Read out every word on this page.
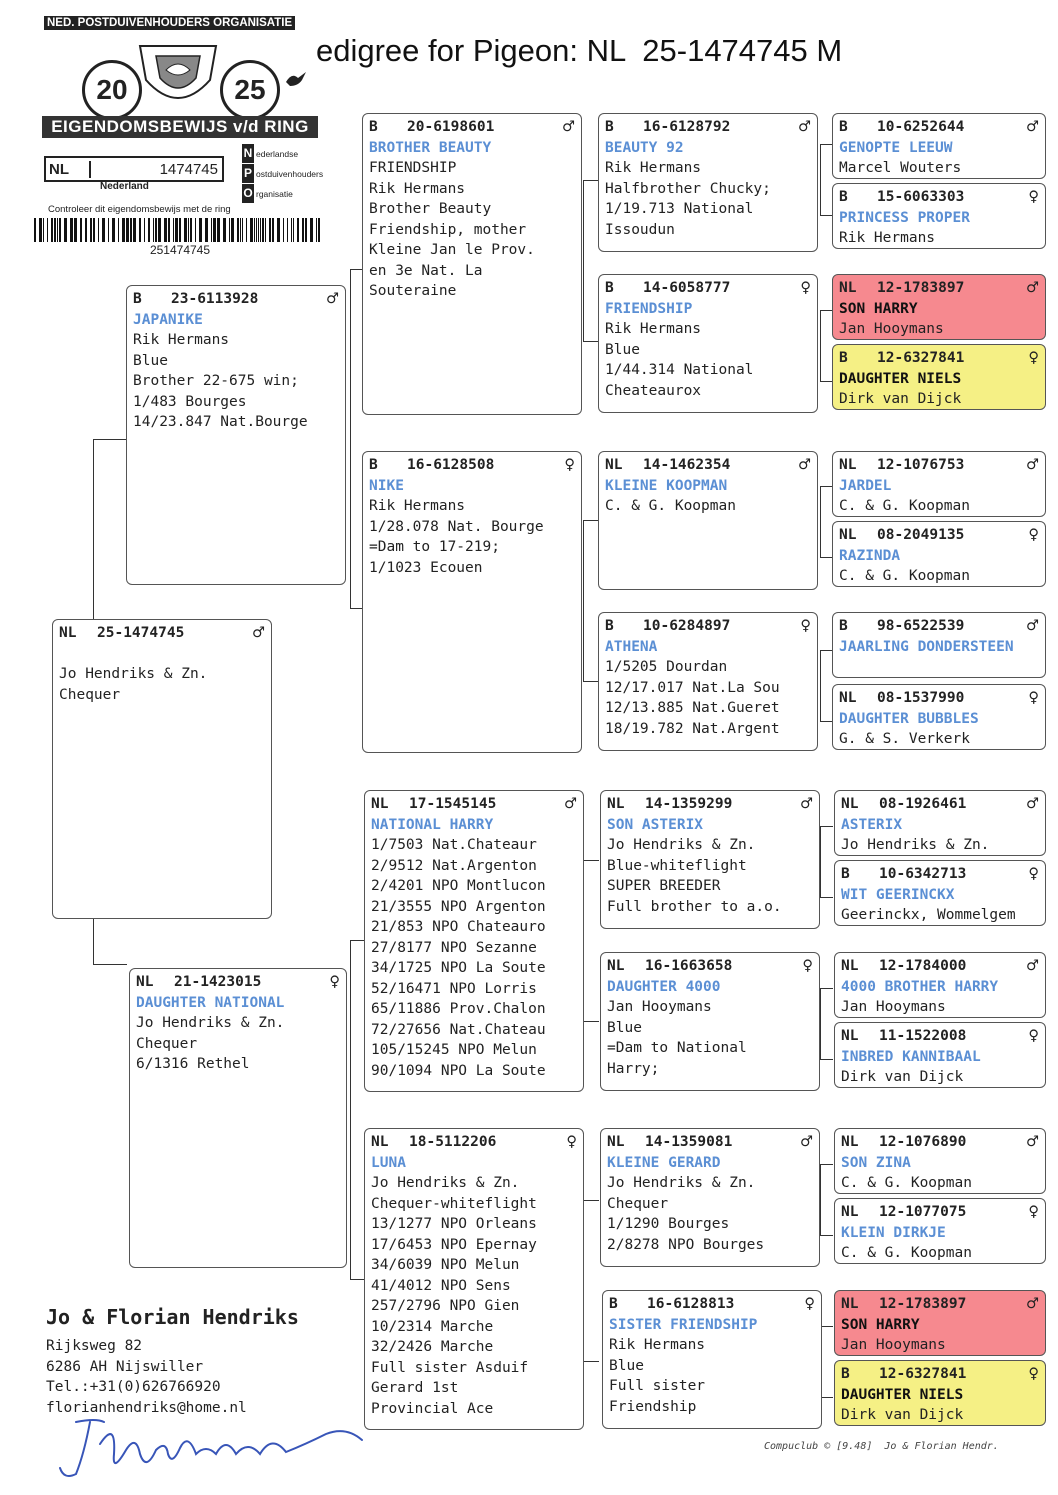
edigree for Pigeon: NL  25-1474745 M
NED. POSTDUIVENHOUDERS ORGANISATIE
20	25
EIGENDOMSBEWIJS v/d RING
NL	1474745
N ederlandse
P ostduivenhouders
O rganisatie
Nederland
Controleer dit eigendomsbewijs met de ring
251474745
NL	25-1474745	♂

Jo Hendriks & Zn.
Chequer
B	23-6113928	♂
JAPANIKE
Rik Hermans
Blue
Brother 22-675 win;
1/483 Bourges
14/23.847 Nat.Bourge
NL	21-1423015	♀
DAUGHTER NATIONAL
Jo Hendriks & Zn.
Chequer
6/1316 Rethel
B	20-6198601	♂
BROTHER BEAUTY
FRIENDSHIP
Rik Hermans
Brother Beauty
Friendship, mother
Kleine Jan le Prov.
en 3e Nat. La
Souteraine
B	16-6128508	♀
NIKE
Rik Hermans
1/28.078 Nat. Bourge
=Dam to 17-219;
1/1023 Ecouen
NL	17-1545145	♂
NATIONAL HARRY
1/7503 Nat.Chateaur
2/9512 Nat.Argenton
2/4201 NPO Montlucon
21/3555 NPO Argenton
21/853 NPO Chateauro
27/8177 NPO Sezanne
34/1725 NPO La Soute
52/16471 NPO Lorris
65/11886 Prov.Chalon
72/27656 Nat.Chateau
105/15245 NPO Melun
90/1094 NPO La Soute
NL	18-5112206	♀
LUNA
Jo Hendriks & Zn.
Chequer-whiteflight
13/1277 NPO Orleans
17/6453 NPO Epernay
34/6039 NPO Melun
41/4012 NPO Sens
257/2796 NPO Gien
10/2314 Marche
32/2426 Marche
Full sister Asduif
Gerard 1st
Provincial Ace
B	16-6128792	♂
BEAUTY 92
Rik Hermans
Halfbrother Chucky;
1/19.713 National
Issoudun
B	14-6058777	♀
FRIENDSHIP
Rik Hermans
Blue
1/44.314 National
Cheateaurox
NL	14-1462354	♂
KLEINE KOOPMAN
C. & G. Koopman
B	10-6284897	♀
ATHENA
1/5205 Dourdan
12/17.017 Nat.La Sou
12/13.885 Nat.Gueret
18/19.782 Nat.Argent
NL	14-1359299	♂
SON ASTERIX
Jo Hendriks & Zn.
Blue-whiteflight
SUPER BREEDER
Full brother to a.o.
NL	16-1663658	♀
DAUGHTER 4000
Jan Hooymans
Blue
=Dam to National
Harry;
NL	14-1359081	♂
KLEINE GERARD
Jo Hendriks & Zn.
Chequer
1/1290 Bourges
2/8278 NPO Bourges
B	16-6128813	♀
SISTER FRIENDSHIP
Rik Hermans
Blue
Full sister
Friendship
B	10-6252644	♂
GENOPTE LEEUW
Marcel Wouters
B	15-6063303	♀
PRINCESS PROPER
Rik Hermans
NL	12-1783897	♂
SON HARRY
Jan Hooymans
B	12-6327841	♀
DAUGHTER NIELS
Dirk van Dijck
NL	12-1076753	♂
JARDEL
C. & G. Koopman
NL	08-2049135	♀
RAZINDA
C. & G. Koopman
B	98-6522539	♂
JAARLING DONDERSTEEN
NL	08-1537990	♀
DAUGHTER BUBBLES
G. & S. Verkerk
NL	08-1926461	♂
ASTERIX
Jo Hendriks & Zn.
B	10-6342713	♀
WIT GEERINCKX
Geerinckx, Wommelgem
NL	12-1784000	♂
4000 BROTHER HARRY
Jan Hooymans
NL	11-1522008	♀
INBRED KANNIBAAL
Dirk van Dijck
NL	12-1076890	♂
SON ZINA
C. & G. Koopman
NL	12-1077075	♀
KLEIN DIRKJE
C. & G. Koopman
NL	12-1783897	♂
SON HARRY
Jan Hooymans
B	12-6327841	♀
DAUGHTER NIELS
Dirk van Dijck
Jo & Florian Hendriks
Rijksweg 82
6286 AH Nijswiller
Tel.:+31(0)626766920
florianhendriks@home.nl
Compuclub © [9.48]  Jo & Florian Hendr.
